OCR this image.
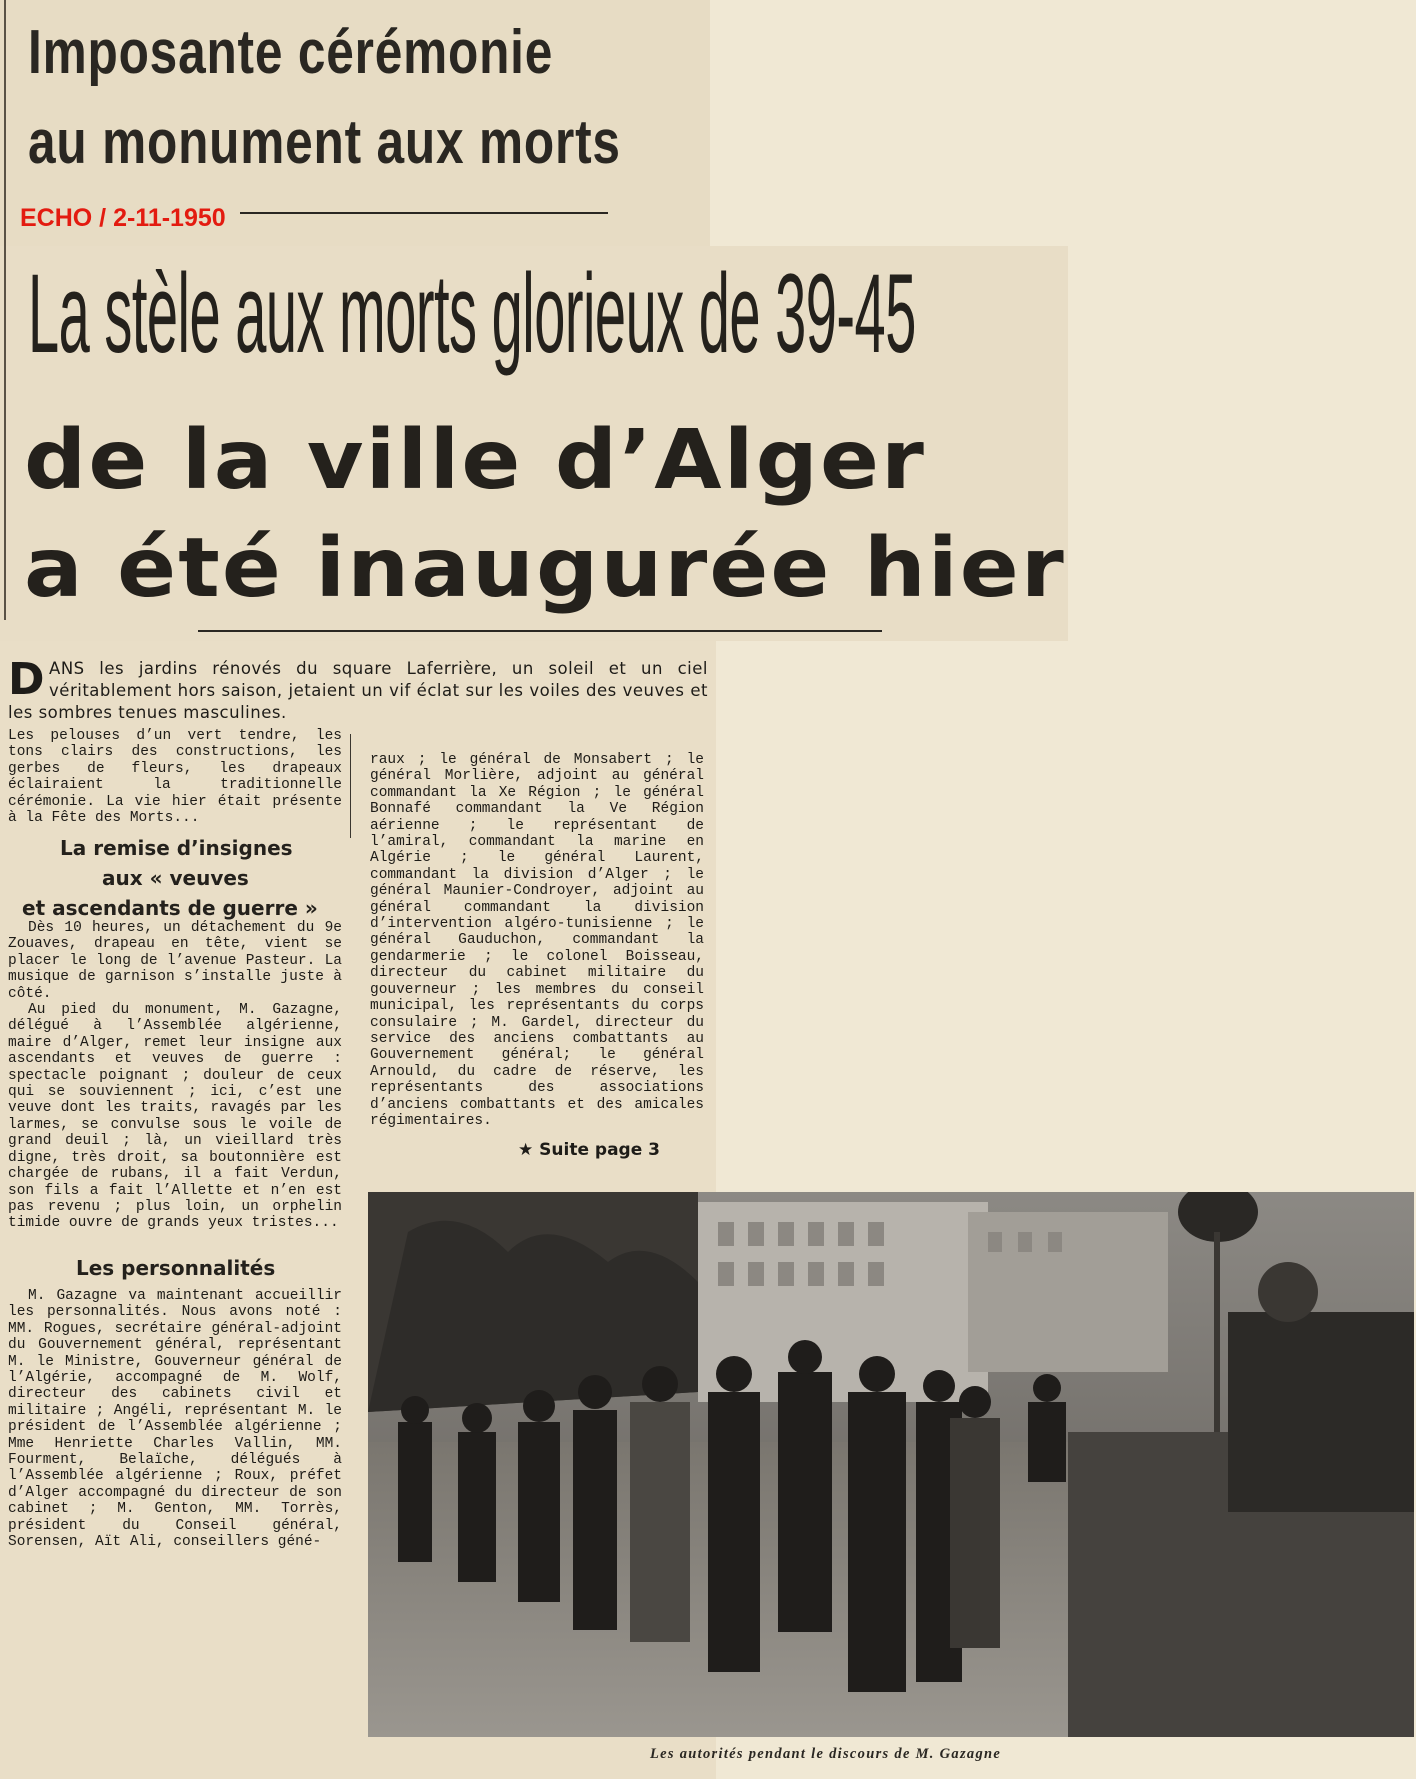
Imposante cérémonie
au monument aux morts
ECHO / 2-11-1950
La stèle aux morts glorieux de 39-45
de la ville d’Alger
a été inaugurée hier
DANS les jardins rénovés du square Laferrière, un soleil et un ciel véritablement hors saison, jetaient un vif éclat sur les voiles des veuves et les sombres tenues masculines.
Les pelouses d’un vert tendre, les tons clairs des constructions, les gerbes de fleurs, les drapeaux éclairaient la traditionnelle cérémonie. La vie hier était présente à la Fête des Morts...
La remise d’insignes
aux « veuves
et ascendants de guerre »
Dès 10 heures, un détachement du 9e Zouaves, drapeau en tête, vient se placer le long de l’avenue Pasteur. La musique de garnison s’installe juste à côté.
Au pied du monument, M. Gazagne, délégué à l’Assemblée algérienne, maire d’Alger, remet leur insigne aux ascendants et veuves de guerre : spectacle poignant ; douleur de ceux qui se souviennent ; ici, c’est une veuve dont les traits, ravagés par les larmes, se convulse sous le voile de grand deuil ; là, un vieillard très digne, très droit, sa boutonnière est chargée de rubans, il a fait Verdun, son fils a fait l’Allette et n’en est pas revenu ; plus loin, un orphelin timide ouvre de grands yeux tristes...
Les personnalités
M. Gazagne va maintenant accueillir les personnalités. Nous avons noté : MM. Rogues, secrétaire général-adjoint du Gouvernement général, représentant M. le Ministre, Gouverneur général de l’Algérie, accompagné de M. Wolf, directeur des cabinets civil et militaire ; Angéli, représentant M. le président de l’Assemblée algérienne ; Mme Henriette Charles Vallin, MM. Fourment, Belaïche, délégués à l’Assemblée algérienne ; Roux, préfet d’Alger accompagné du directeur de son cabinet ; M. Genton, MM. Torrès, président du Conseil général, Sorensen, Aït Ali, conseillers géné-
raux ; le général de Monsabert ; le général Morlière, adjoint au général commandant la Xe Région ; le général Bonnafé commandant la Ve Région aérienne ; le représentant de l’amiral, commandant la marine en Algérie ; le général Laurent, commandant la division d’Alger ; le général Maunier-Condroyer, adjoint au général commandant la division d’intervention algéro-tunisienne ; le général Gauduchon, commandant la gendarmerie ; le colonel Boisseau, directeur du cabinet militaire du gouverneur ; les membres du conseil municipal, les représentants du corps consulaire ; M. Gardel, directeur du service des anciens combattants au Gouvernement général; le général Arnould, du cadre de réserve, les représentants des associations d’anciens combattants et des amicales régimentaires.
★ Suite page 3
Les autorités pendant le discours de M. Gazagne
